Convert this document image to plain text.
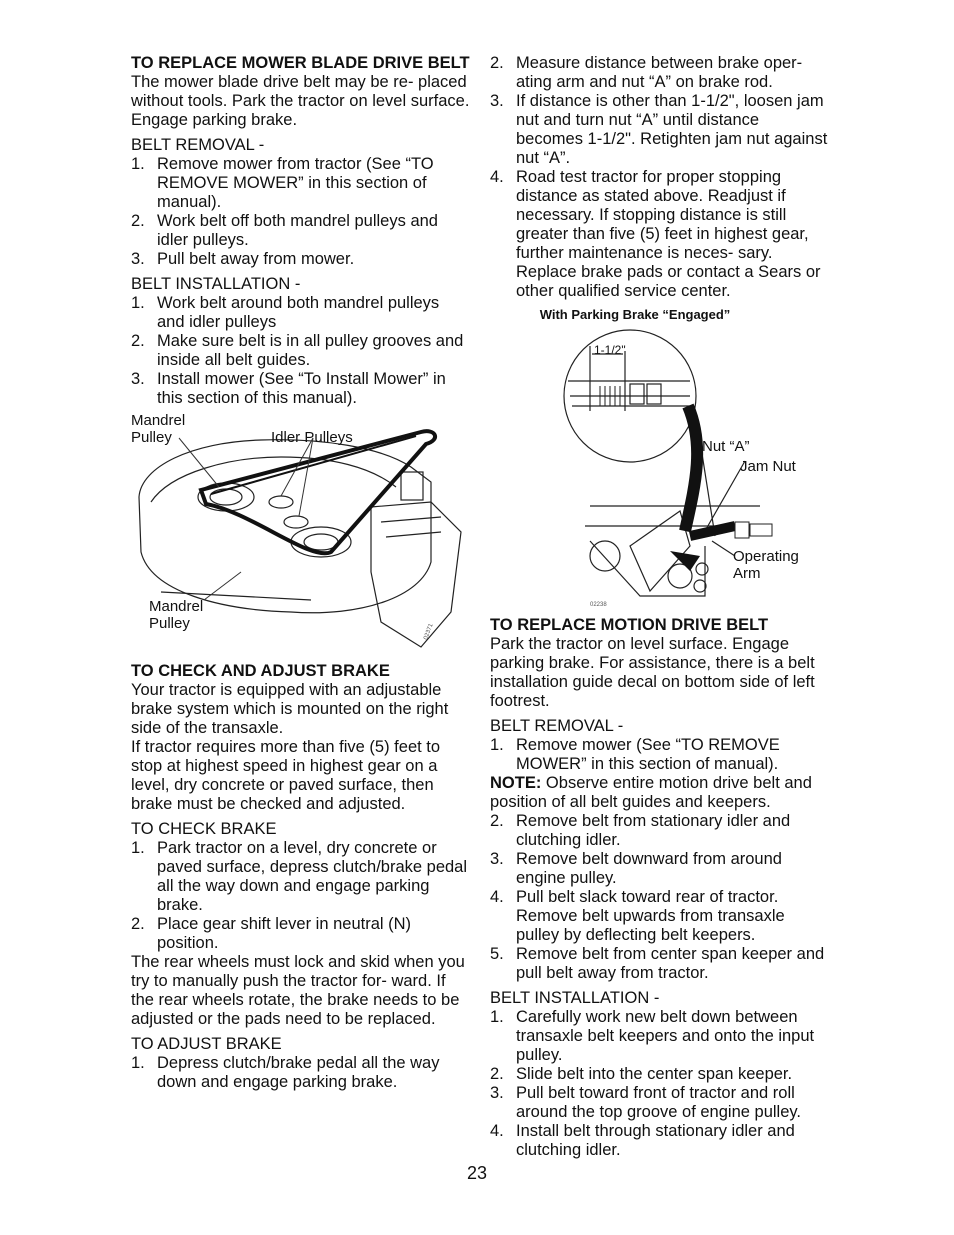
TO REPLACE MOWER BLADE DRIVE BELT

The mower blade drive belt may be re- placed without tools. Park the tractor on level surface. Engage parking brake.

BELT REMOVAL -
1. Remove mower from tractor (See “TO REMOVE MOWER” in this section of manual).
2. Work belt off both mandrel pulleys and idler pulleys.
3. Pull belt away from mower.
BELT INSTALLATION -
1. Work belt around both mandrel pulleys and idler pulleys
2. Make sure belt is in all pulley grooves and inside all belt guides.
3. Install mower (See “To Install Mower” in this section of this manual).
02371
Mandrel
Pulley	Idler Pulleys
Mandrel
Pulley
TO CHECK AND ADJUST BRAKE

Your tractor is equipped with an adjustable brake system which is mounted on the right side of the transaxle.

If tractor requires more than five (5) feet to stop at highest speed in highest gear on a level, dry concrete or paved surface, then brake must be checked and adjusted.

TO CHECK BRAKE
1. Park tractor on a level, dry concrete or paved surface, depress clutch/brake pedal all the way down and engage parking brake.
2. Place gear shift lever in neutral (N) position.

The rear wheels must lock and skid when you try to manually push the tractor for- ward. If the rear wheels rotate, the brake needs to be adjusted or the pads need to be replaced.

TO ADJUST BRAKE
1. Depress clutch/brake pedal all the way down and engage parking brake.
2. Measure distance between brake oper- ating arm and nut “A” on brake rod.
3. If distance is other than 1-1/2", loosen jam nut and turn nut “A” until distance becomes 1-1/2". Retighten jam nut against nut “A”.
4. Road test tractor for proper stopping distance as stated above. Readjust if necessary. If stopping distance is still greater than five (5) feet in highest gear, further maintenance is neces- sary. Replace brake pads or contact a Sears or other qualified service center.
With Parking Brake “Engaged”
02238
1-1/2"
Nut “A”
Jam Nut
Operating
Arm
TO REPLACE MOTION DRIVE BELT

Park the tractor on level surface. Engage parking brake. For assistance, there is a belt installation guide decal on bottom side of left footrest.

BELT REMOVAL -
1. Remove mower (See “TO REMOVE MOWER” in this section of manual).

NOTE: Observe entire motion drive belt and position of all belt guides and keepers.

2. Remove belt from stationary idler and clutching idler.
3. Remove belt downward from around engine pulley.
4. Pull belt slack toward rear of tractor. Remove belt upwards from transaxle pulley by deflecting belt keepers.
5. Remove belt from center span keeper and pull belt away from tractor.
BELT INSTALLATION -
1. Carefully work new belt down between transaxle belt keepers and onto the input pulley.
2. Slide belt into the center span keeper.
3. Pull belt toward front of tractor and roll around the top groove of engine pulley.
4. Install belt through stationary idler and clutching idler.
23
